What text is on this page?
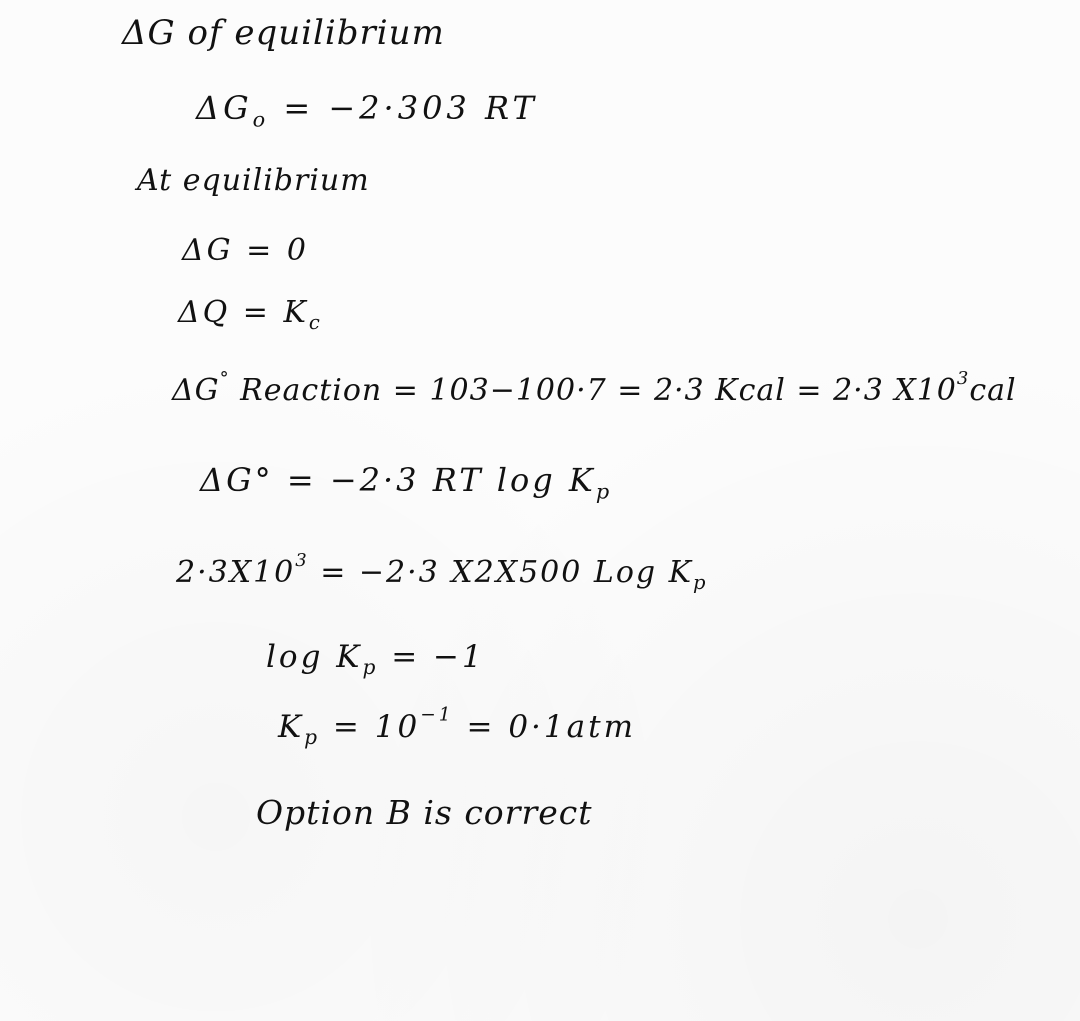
ΔG of equilibrium
$\Delta G_o = -2\cdot 303$ RT
At equilibrium
ΔG = 0
$\Delta Q = K_c$
ΔG° Reaction = 103−100·7 = 2·3 Kcal = 2·3 $X10^3cal$
ΔG° = −2·3 RT $\log K_p$
$2\cdot 3X10^3 = -2\cdot 3$ X2X500 Log $K_p$
$\log K_p = -1$
$K_p = 10^{-1} = 0\cdot 1atm$
Option B is correct
